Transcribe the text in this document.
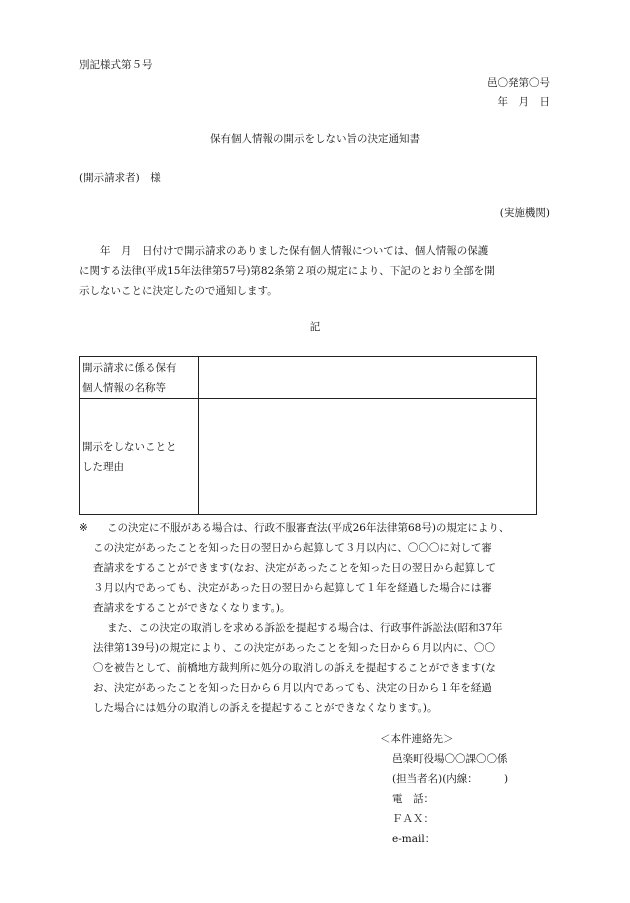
別記様式第５号
邑〇発第〇号
年　月　日
保有個人情報の開示をしない旨の決定通知書
(開示請求者)　様
(実施機関)
　　年　月　日付けで開示請求のありました保有個人情報については、個人情報の保護
に関する法律(平成15年法律第57号)第82条第２項の規定により、下記のとおり全部を開
示しないことに決定したので通知します。
記
開示請求に係る保有
個人情報の名称等	

開示をしないことと
した理由	

※	この決定に不服がある場合は、行政不服審査法(平成26年法律第68号)の規定により、
この決定があったことを知った日の翌日から起算して３月以内に、〇〇〇に対して審
査請求をすることができます(なお、決定があったことを知った日の翌日から起算して
３月以内であっても、決定があった日の翌日から起算して１年を経過した場合には審
査請求をすることができなくなります。)。
また、この決定の取消しを求める訴訟を提起する場合は、行政事件訴訟法(昭和37年
法律第139号)の規定により、この決定があったことを知った日から６月以内に、〇〇
〇を被告として、前橋地方裁判所に処分の取消しの訴えを提起することができます(な
お、決定があったことを知った日から６月以内であっても、決定の日から１年を経過
した場合には処分の取消しの訴えを提起することができなくなります。)。
＜本件連絡先＞
邑楽町役場〇〇課〇〇係
(担当者名)(内線：　　　)
電　話：
ＦＡＸ：
e-mail：
